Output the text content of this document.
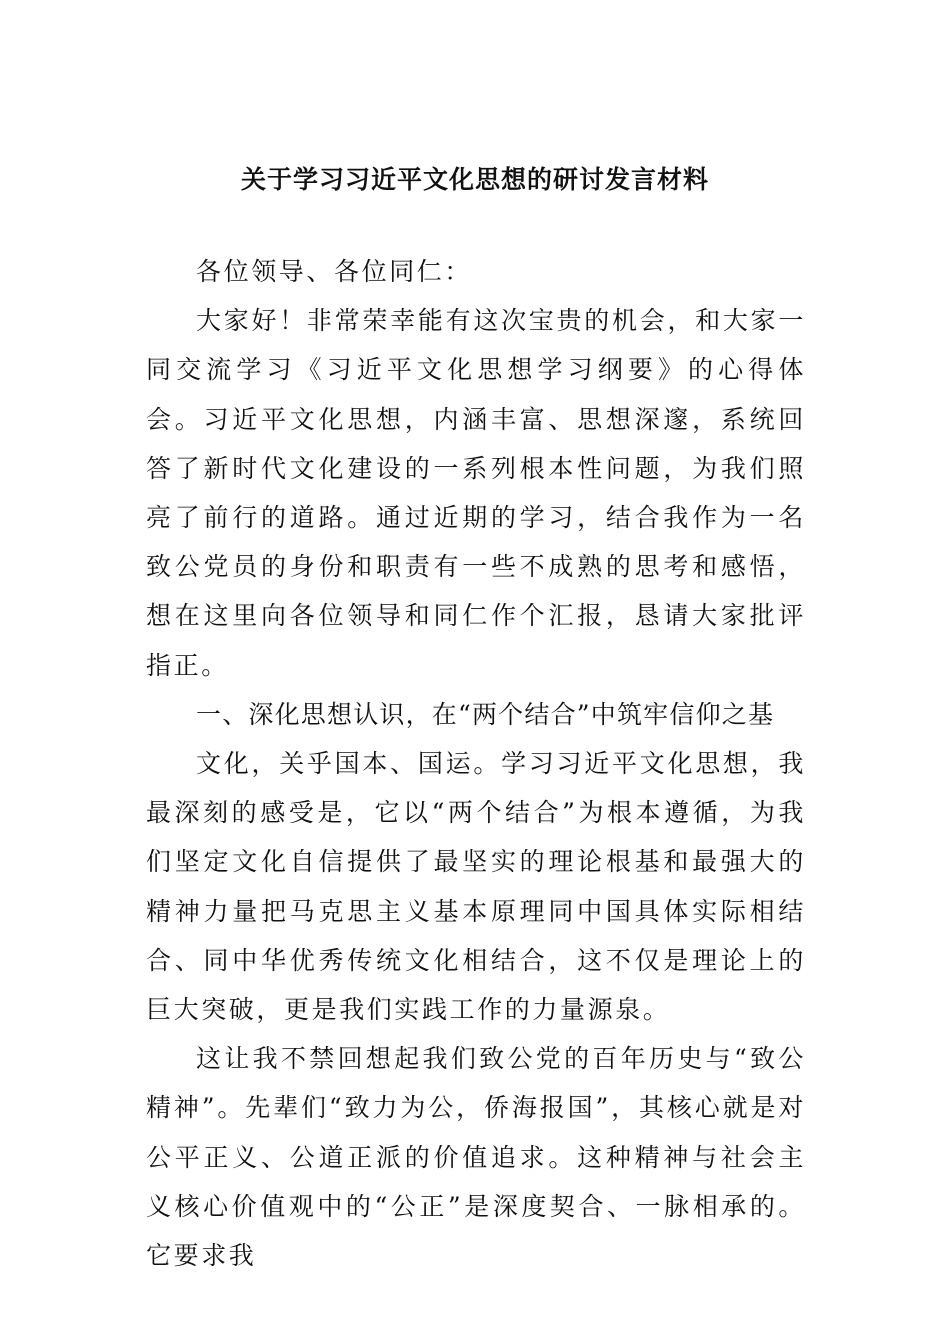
关于学习习近平文化思想的研讨发言材料

各位领导、各位同仁：

大家好！非常荣幸能有这次宝贵的机会，和大家一同交流学习《习近平文化思想学习纲要》的心得体会。习近平文化思想，内涵丰富、思想深邃，系统回答了新时代文化建设的一系列根本性问题，为我们照亮了前行的道路。通过近期的学习，结合我作为一名致公党员的身份和职责有一些不成熟的思考和感悟，想在这里向各位领导和同仁作个汇报，恳请大家批评指正。

一、深化思想认识，在“两个结合”中筑牢信仰之基

文化，关乎国本、国运。学习习近平文化思想，我最深刻的感受是，它以“两个结合”为根本遵循，为我们坚定文化自信提供了最坚实的理论根基和最强大的精神力量把马克思主义基本原理同中国具体实际相结合、同中华优秀传统文化相结合，这不仅是理论上的巨大突破，更是我们实践工作的力量源泉。

这让我不禁回想起我们致公党的百年历史与“致公精神”。先辈们“致力为公，侨海报国”，其核心就是对公平正义、公道正派的价值追求。这种精神与社会主义核心价值观中的“公正”是深度契合、一脉相承的。它要求我
